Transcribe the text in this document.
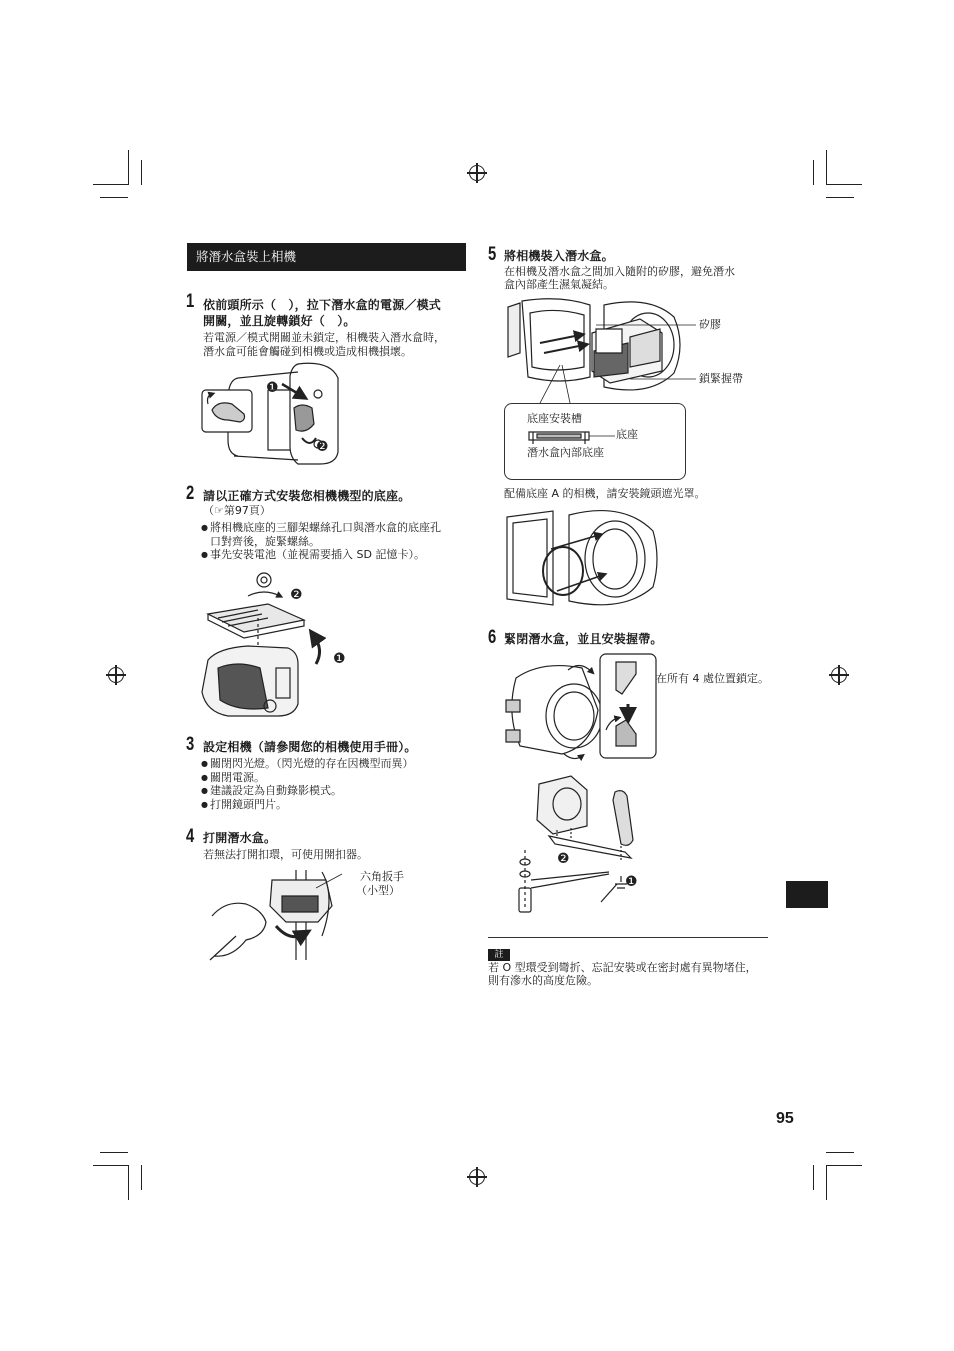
將潛水盒裝上相機
1 依前頭所示（　），拉下潛水盒的電源／模式
開關，並且旋轉鎖好（　）。
若電源／模式開關並未鎖定，相機裝入潛水盒時，
潛水盒可能會觸碰到相機或造成相機損壞。
❶
❷
2 請以正確方式安裝您相機機型的底座。
（☞第97頁）
● 將相機底座的三腳架螺絲孔口與潛水盒的底座孔
口對齊後，旋緊螺絲。
● 事先安裝電池（並視需要插入 SD 記憶卡）。
❷
❶
3 設定相機（請參閱您的相機使用手冊）。
● 關閉閃光燈。（閃光燈的存在因機型而異）
● 關閉電源。
● 建議設定為自動錄影模式。
● 打開鏡頭門片。
4 打開潛水盒。
若無法打開扣環，可使用開扣器。
六角扳手
（小型）
5 將相機裝入潛水盒。
在相機及潛水盒之間加入隨附的矽膠，避免潛水
盒內部產生濕氣凝結。
矽膠
鎖緊握帶
底座安裝槽
底座
潛水盒內部底座
配備底座 A 的相機，請安裝鏡頭遮光罩。
6 緊閉潛水盒，並且安裝握帶。
在所有 4 處位置鎖定。
❷
❶
註
若 O 型環受到彎折、忘記安裝或在密封處有異物堵住，
則有滲水的高度危險。
95
